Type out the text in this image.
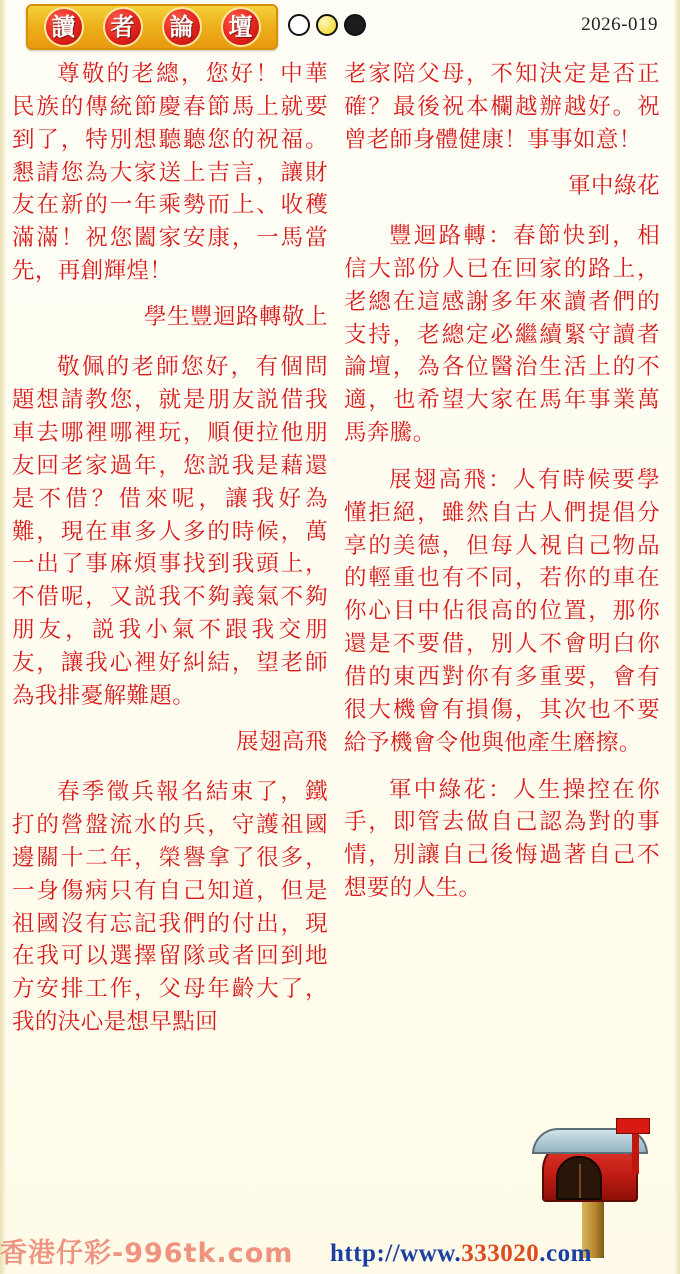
讀	者	論	壇	2026-019

尊敬的老總，您好！中華民族的傳統節慶春節馬上就要到了，特別想聽聽您的祝福。懇請您為大家送上吉言，讓財友在新的一年乘勢而上、收穫滿滿！祝您闔家安康，一馬當先，再創輝煌！

學生豐迴路轉敬上

敬佩的老師您好，有個問題想請教您，就是朋友説借我車去哪裡哪裡玩，順便拉他朋友回老家過年，您説我是藉還是不借？借來呢，讓我好為難，現在車多人多的時候，萬一出了事麻煩事找到我頭上，不借呢，又説我不夠義氣不夠朋友，説我小氣不跟我交朋友，讓我心裡好糾結，望老師為我排憂解難題。

展翅高飛

春季徵兵報名結束了，鐵打的營盤流水的兵，守護祖國邊關十二年，榮譽拿了很多，一身傷病只有自己知道，但是祖國沒有忘記我們的付出，現在我可以選擇留隊或者回到地方安排工作，父母年齡大了，我的決心是想早點回

老家陪父母，不知決定是否正確？最後祝本欄越辦越好。祝曾老師身體健康！事事如意！

軍中綠花

豐迴路轉：春節快到，相信大部份人已在回家的路上，老總在這感謝多年來讀者們的支持，老總定必繼續緊守讀者論壇，為各位醫治生活上的不適，也希望大家在馬年事業萬馬奔騰。

展翅高飛：人有時候要學懂拒絕，雖然自古人們提倡分享的美德，但每人視自己物品的輕重也有不同，若你的車在你心目中佔很高的位置，那你還是不要借，別人不會明白你借的東西對你有多重要，會有很大機會有損傷，其次也不要給予機會令他與他產生磨擦。

軍中綠花：人生操控在你手，即管去做自己認為對的事情，別讓自己後悔過著自己不想要的人生。

香港仔彩-996tk.com http://www.333020.com
